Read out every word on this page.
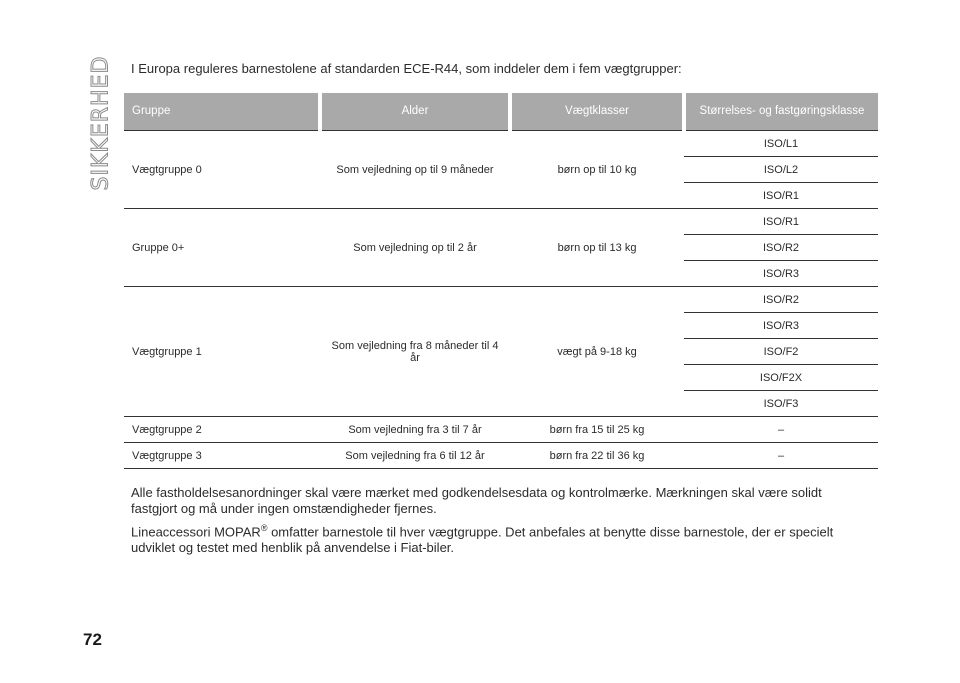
SIKKERHED I Europa reguleres barnestolene af standarden ECE-R44, som inddeler dem i fem vægtgrupper:
Gruppe	Alder	Vægtklasser	Størrelses- og fastgøringsklasse
Vægtgruppe 0	Som vejledning op til 9 måneder	børn op til 10 kg	ISO/L1
			ISO/L2
			ISO/R1
Gruppe 0+	Som vejledning op til 2 år	børn op til 13 kg	ISO/R1
			ISO/R2
			ISO/R3
Vægtgruppe 1	Som vejledning fra 8 måneder til 4 år	vægt på 9-18 kg	ISO/R2
			ISO/R3
			ISO/F2
			ISO/F2X
			ISO/F3
Vægtgruppe 2	Som vejledning fra 3 til 7 år	børn fra 15 til 25 kg	–
Vægtgruppe 3	Som vejledning fra 6 til 12 år	børn fra 22 til 36 kg	–

Alle fastholdelsesanordninger skal være mærket med godkendelsesdata og kontrolmærke. Mærkningen skal være solidt fastgjort og må under ingen omstændigheder fjernes.

Lineaccessori MOPAR® omfatter barnestole til hver vægtgruppe. Det anbefales at benytte disse barnestole, der er specielt udviklet og testet med henblik på anvendelse i Fiat-biler.

72
